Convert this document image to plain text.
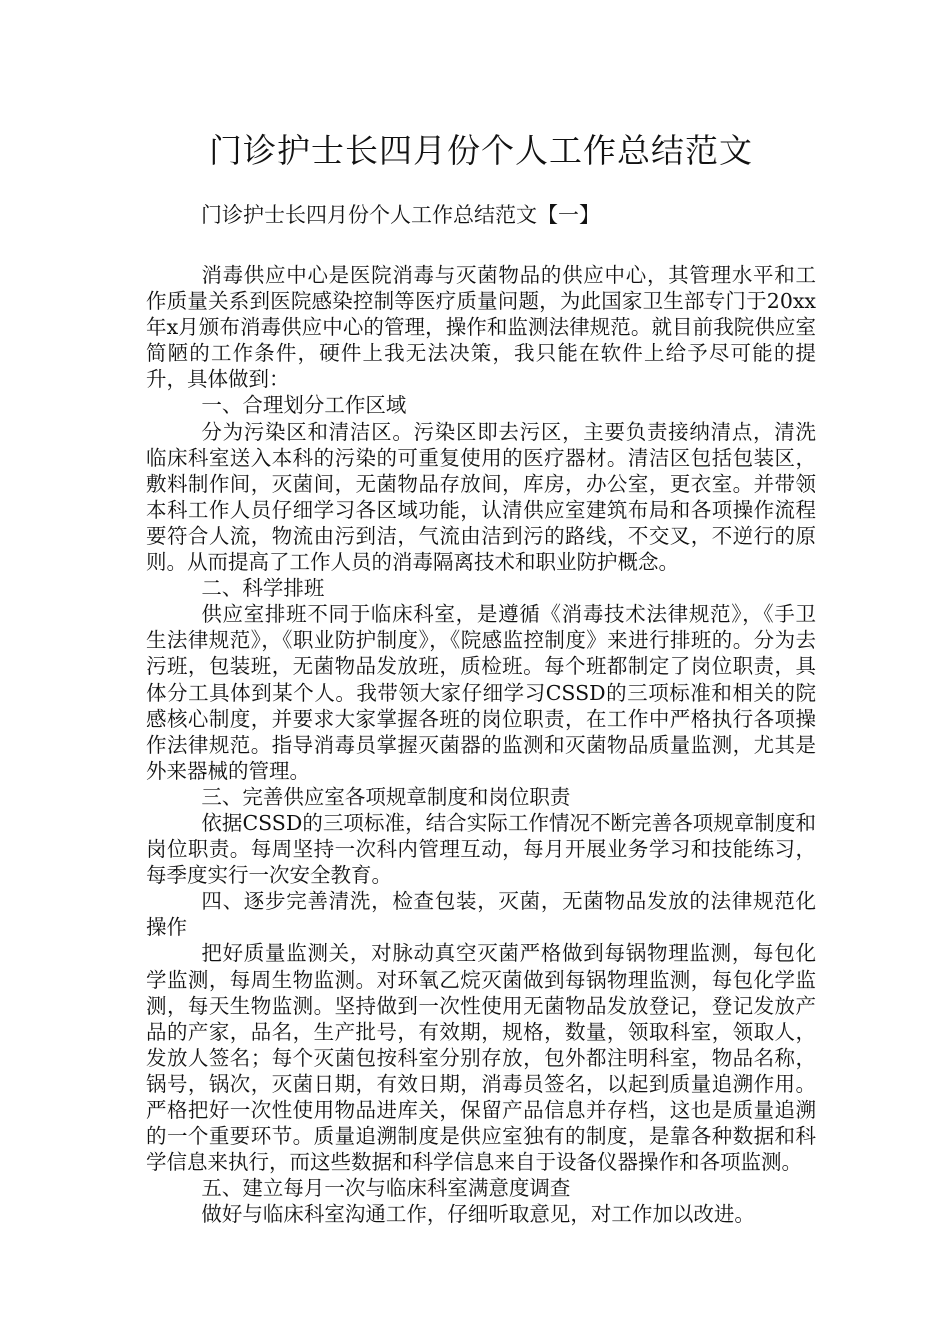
门诊护士长四月份个人工作总结范文

门诊护士长四月份个人工作总结范文【一】

消毒供应中心是医院消毒与灭菌物品的供应中心，其管理水平和工作质量关系到医院感染控制等医疗质量问题，为此国家卫生部专门于20xx年x月颁布消毒供应中心的管理，操作和监测法律规范。就目前我院供应室简陋的工作条件，硬件上我无法决策，我只能在软件上给予尽可能的提升，具体做到：

一、合理划分工作区域

分为污染区和清洁区。污染区即去污区，主要负责接纳清点，清洗临床科室送入本科的污染的可重复使用的医疗器材。清洁区包括包装区，敷料制作间，灭菌间，无菌物品存放间，库房，办公室，更衣室。并带领本科工作人员仔细学习各区域功能，认清供应室建筑布局和各项操作流程要符合人流，物流由污到洁，气流由洁到污的路线，不交叉，不逆行的原则。从而提高了工作人员的消毒隔离技术和职业防护概念。

二、科学排班

供应室排班不同于临床科室，是遵循《消毒技术法律规范》，《手卫生法律规范》，《职业防护制度》，《院感监控制度》来进行排班的。分为去污班，包装班，无菌物品发放班，质检班。每个班都制定了岗位职责，具体分工具体到某个人。我带领大家仔细学习CSSD的三项标准和相关的院感核心制度，并要求大家掌握各班的岗位职责，在工作中严格执行各项操作法律规范。指导消毒员掌握灭菌器的监测和灭菌物品质量监测，尤其是外来器械的管理。

三、完善供应室各项规章制度和岗位职责

依据CSSD的三项标准，结合实际工作情况不断完善各项规章制度和岗位职责。每周坚持一次科内管理互动，每月开展业务学习和技能练习，每季度实行一次安全教育。

四、逐步完善清洗，检查包装，灭菌，无菌物品发放的法律规范化操作

把好质量监测关，对脉动真空灭菌严格做到每锅物理监测，每包化学监测，每周生物监测。对环氧乙烷灭菌做到每锅物理监测，每包化学监测，每天生物监测。坚持做到一次性使用无菌物品发放登记，登记发放产品的产家，品名，生产批号，有效期，规格，数量，领取科室，领取人，发放人签名；每个灭菌包按科室分别存放，包外都注明科室，物品名称，锅号，锅次，灭菌日期，有效日期，消毒员签名，以起到质量追溯作用。严格把好一次性使用物品进库关，保留产品信息并存档，这也是质量追溯的一个重要环节。质量追溯制度是供应室独有的制度，是靠各种数据和科学信息来执行，而这些数据和科学信息来自于设备仪器操作和各项监测。

五、建立每月一次与临床科室满意度调查

做好与临床科室沟通工作，仔细听取意见，对工作加以改进。
